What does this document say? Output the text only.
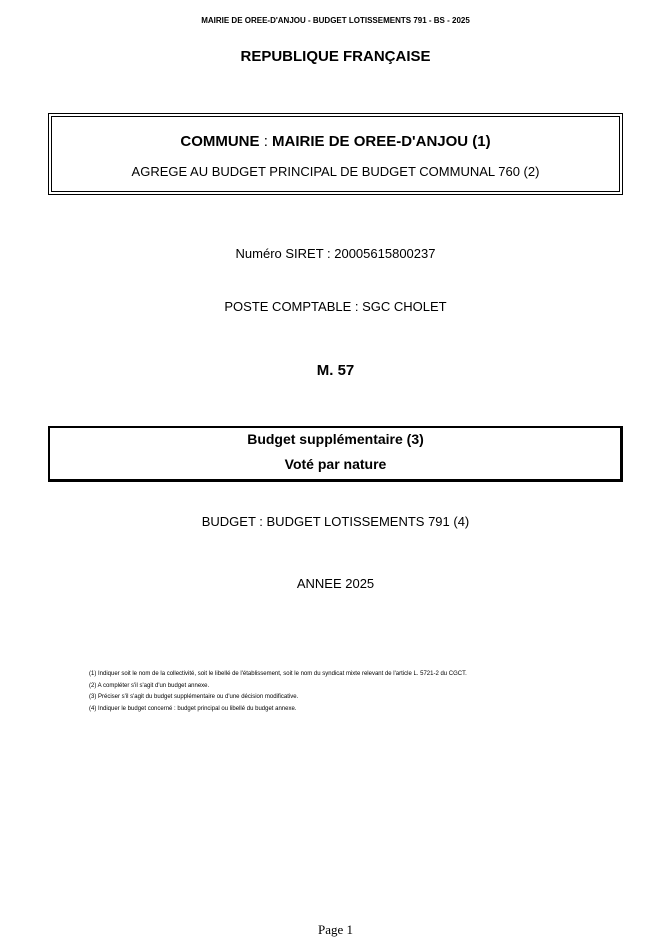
MAIRIE DE OREE-D'ANJOU - BUDGET LOTISSEMENTS 791 - BS - 2025
REPUBLIQUE FRANÇAISE
COMMUNE : MAIRIE DE OREE-D'ANJOU (1)
AGREGE AU BUDGET PRINCIPAL DE BUDGET COMMUNAL 760 (2)
Numéro SIRET : 20005615800237
POSTE COMPTABLE : SGC CHOLET
M. 57
Budget supplémentaire (3)
Voté par nature
BUDGET : BUDGET LOTISSEMENTS 791 (4)
ANNEE 2025
(1) Indiquer soit le nom de la collectivité, soit le libellé de l'établissement, soit le nom du syndicat mixte relevant de l'article L. 5721-2 du CGCT.
(2) A compléter s'il s'agit d'un budget annexe.
(3) Préciser s'il s'agit du budget supplémentaire ou d'une décision modificative.
(4) Indiquer le budget concerné : budget principal ou libellé du budget annexe.
Page 1
